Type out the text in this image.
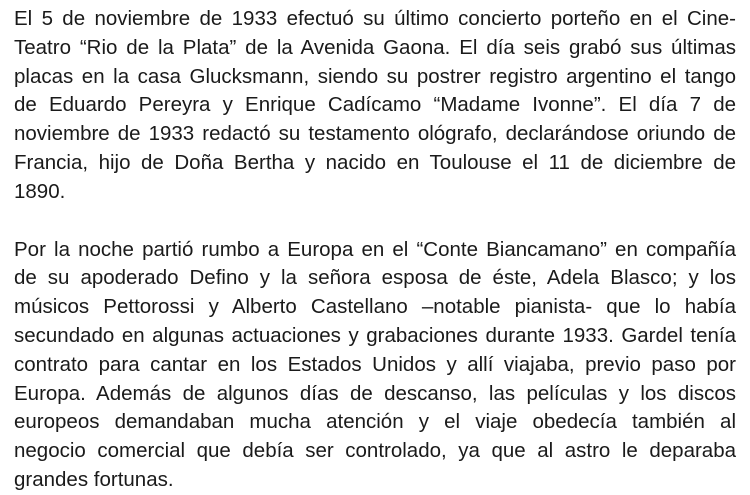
El 5 de noviembre de 1933 efectuó su último concierto porteño en el Cine-
Teatro “Rio de la Plata” de la Avenida Gaona. El día seis grabó sus últimas
placas en la casa Glucksmann, siendo su postrer registro argentino el tango
de Eduardo Pereyra y Enrique Cadícamo “Madame Ivonne”. El día 7 de
noviembre de 1933 redactó su testamento ológrafo, declarándose oriundo de
Francia, hijo de Doña Bertha y nacido en Toulouse el 11 de diciembre de
1890.

Por la noche partió rumbo a Europa en el “Conte Biancamano” en compañía
de su apoderado Defino y la señora esposa de éste, Adela Blasco; y los
músicos Pettorossi y Alberto Castellano –notable pianista- que lo había
secundado en algunas actuaciones y grabaciones durante 1933. Gardel tenía
contrato para cantar en los Estados Unidos y allí viajaba, previo paso por
Europa. Además de algunos días de descanso, las películas y los discos
europeos demandaban mucha atención y el viaje obedecía también al
negocio comercial que debía ser controlado, ya que al astro le deparaba
grandes fortunas.
